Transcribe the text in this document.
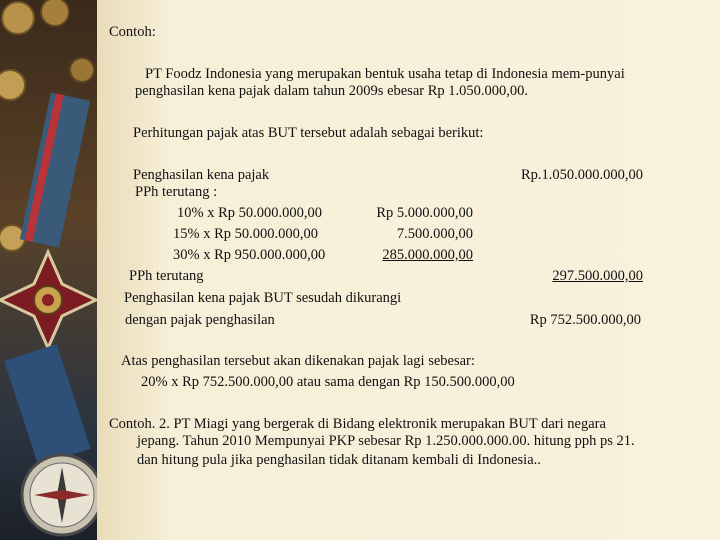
Contoh:
PT Foodz Indonesia yang merupakan bentuk usaha tetap di Indonesia mem-punyai
penghasilan kena pajak dalam tahun 2009s ebesar Rp 1.050.000,00.
Perhitungan pajak atas BUT tersebut adalah sebagai berikut:
Penghasilan kena pajak	Rp.1.050.000.000,00
PPh terutang :
10% x Rp 50.000.000,00	Rp 5.000.000,00
15% x Rp 50.000.000,00	7.500.000,00
30% x Rp 950.000.000,00	285.000.000,00
PPh terutang	297.500.000,00
Penghasilan kena pajak BUT sesudah dikurangi
dengan pajak penghasilan	Rp 752.500.000,00
Atas penghasilan tersebut akan dikenakan pajak lagi sebesar:
20% x Rp 752.500.000,00 atau sama dengan Rp 150.500.000,00
Contoh. 2. PT Miagi yang bergerak di Bidang elektronik merupakan BUT dari negara
jepang. Tahun 2010 Mempunyai PKP sebesar Rp 1.250.000.000.00. hitung pph ps 21.
dan hitung pula jika penghasilan tidak ditanam kembali di Indonesia..
